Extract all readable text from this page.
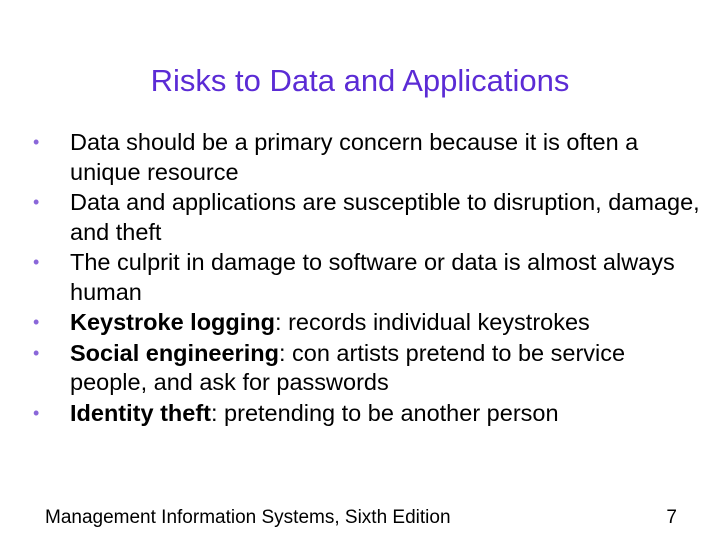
Risks to Data and Applications
• Data should be a primary concern because it is often a unique resource
• Data and applications are susceptible to disruption, damage, and theft
• The culprit in damage to software or data is almost always human
• Keystroke logging: records individual keystrokes
• Social engineering: con artists pretend to be service people, and ask for passwords
• Identity theft: pretending to be another person
Management Information Systems, Sixth Edition	7
